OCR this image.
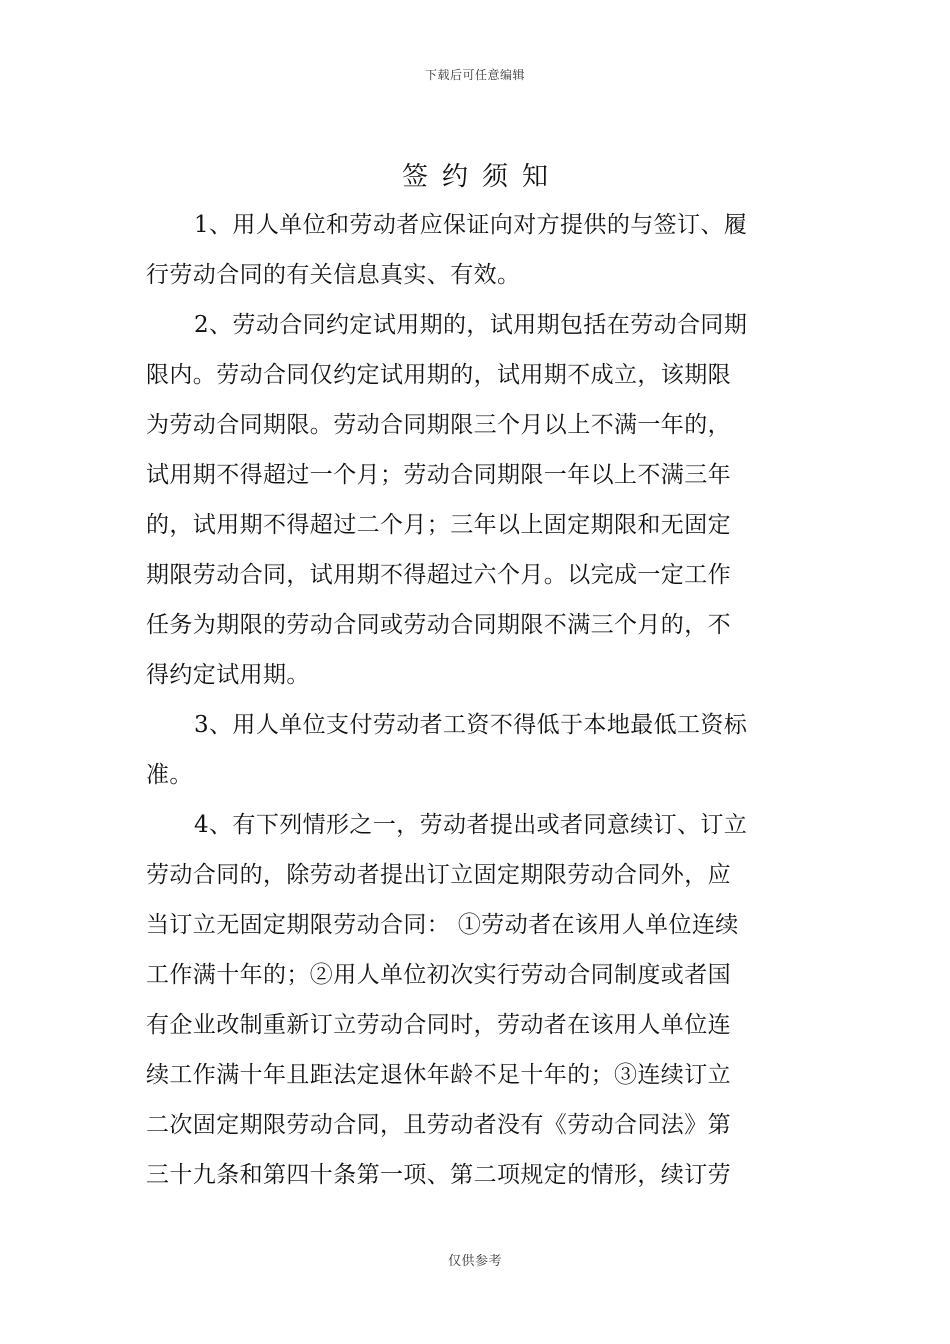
下载后可任意编辑
签约须知
1、用人单位和劳动者应保证向对方提供的与签订、履
行劳动合同的有关信息真实、有效。
2、劳动合同约定试用期的，试用期包括在劳动合同期
限内。劳动合同仅约定试用期的，试用期不成立，该期限
为劳动合同期限。劳动合同期限三个月以上不满一年的，
试用期不得超过一个月；劳动合同期限一年以上不满三年
的，试用期不得超过二个月；三年以上固定期限和无固定
期限劳动合同，试用期不得超过六个月。以完成一定工作
任务为期限的劳动合同或劳动合同期限不满三个月的，不
得约定试用期。
3、用人单位支付劳动者工资不得低于本地最低工资标
准。
4、有下列情形之一，劳动者提出或者同意续订、订立
劳动合同的，除劳动者提出订立固定期限劳动合同外，应
当订立无固定期限劳动合同： ①劳动者在该用人单位连续
工作满十年的；②用人单位初次实行劳动合同制度或者国
有企业改制重新订立劳动合同时，劳动者在该用人单位连
续工作满十年且距法定退休年龄不足十年的；③连续订立
二次固定期限劳动合同，且劳动者没有《劳动合同法》第
三十九条和第四十条第一项、第二项规定的情形，续订劳
仅供参考
